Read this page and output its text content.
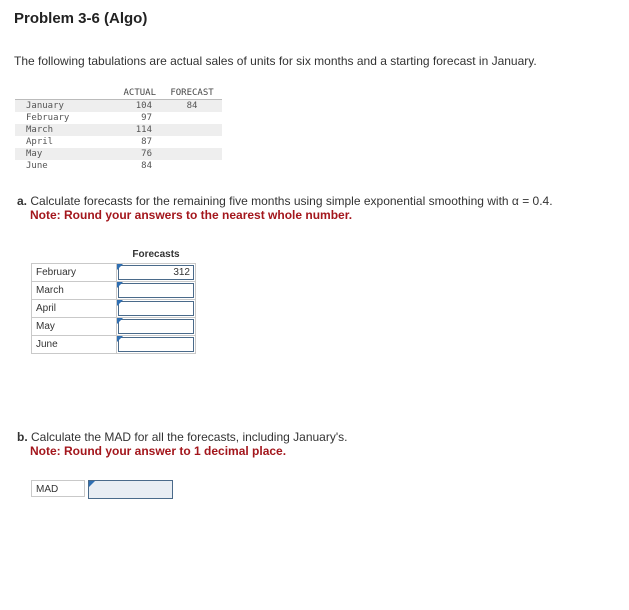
Problem 3-6 (Algo)
The following tabulations are actual sales of units for six months and a starting forecast in January.
	ACTUAL	FORECAST
January	104	84
February	97	
March	114	
April	87	
May	76	
June	84	
a. Calculate forecasts for the remaining five months using simple exponential smoothing with α = 0.4.
Note: Round your answers to the nearest whole number.
	Forecasts
February	312

March	

April	

May	

June	
b. Calculate the MAD for all the forecasts, including January's.
Note: Round your answer to 1 decimal place.
MAD
